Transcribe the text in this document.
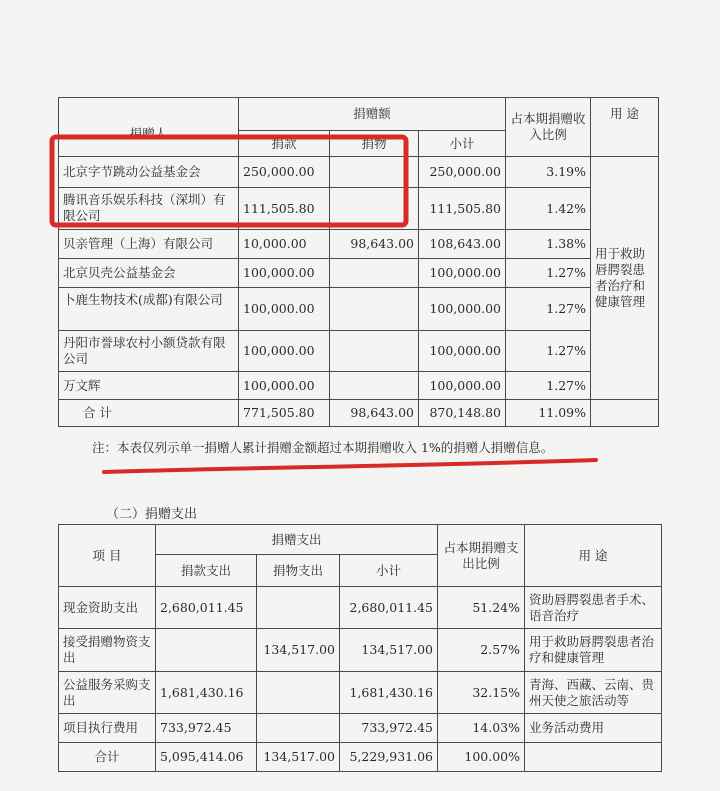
捐赠人	捐赠额			占本期捐赠收入比例	用 途
	捐款	捐物	小计		
北京字节跳动公益基金会	250,000.00		250,000.00	3.19%	用于救助唇腭裂患者治疗和健康管理
腾讯音乐娱乐科技（深圳）有限公司	111,505.80		111,505.80	1.42%	
贝亲管理（上海）有限公司	10,000.00	98,643.00	108,643.00	1.38%	
北京贝壳公益基金会	100,000.00		100,000.00	1.27%	
卜鹿生物技术(成都)有限公司	100,000.00		100,000.00	1.27%	
丹阳市誉球农村小额贷款有限公司	100,000.00		100,000.00	1.27%	
万文辉	100,000.00		100,000.00	1.27%	
合 计	771,505.80	98,643.00	870,148.80	11.09%	
注：本表仅列示单一捐赠人累计捐赠金额超过本期捐赠收入 1%的捐赠人捐赠信息。
（二）捐赠支出
项 目	捐赠支出			占本期捐赠支出比例	用 途
	捐款支出	捐物支出	小计		
现金资助支出	2,680,011.45		2,680,011.45	51.24%	资助唇腭裂患者手术、语音治疗
接受捐赠物资支出		134,517.00	134,517.00	2.57%	用于救助唇腭裂患者治疗和健康管理
公益服务采购支出	1,681,430.16		1,681,430.16	32.15%	青海、西藏、云南、贵州天使之旅活动等
项目执行费用	733,972.45		733,972.45	14.03%	业务活动费用
合计	5,095,414.06	134,517.00	5,229,931.06	100.00%	
